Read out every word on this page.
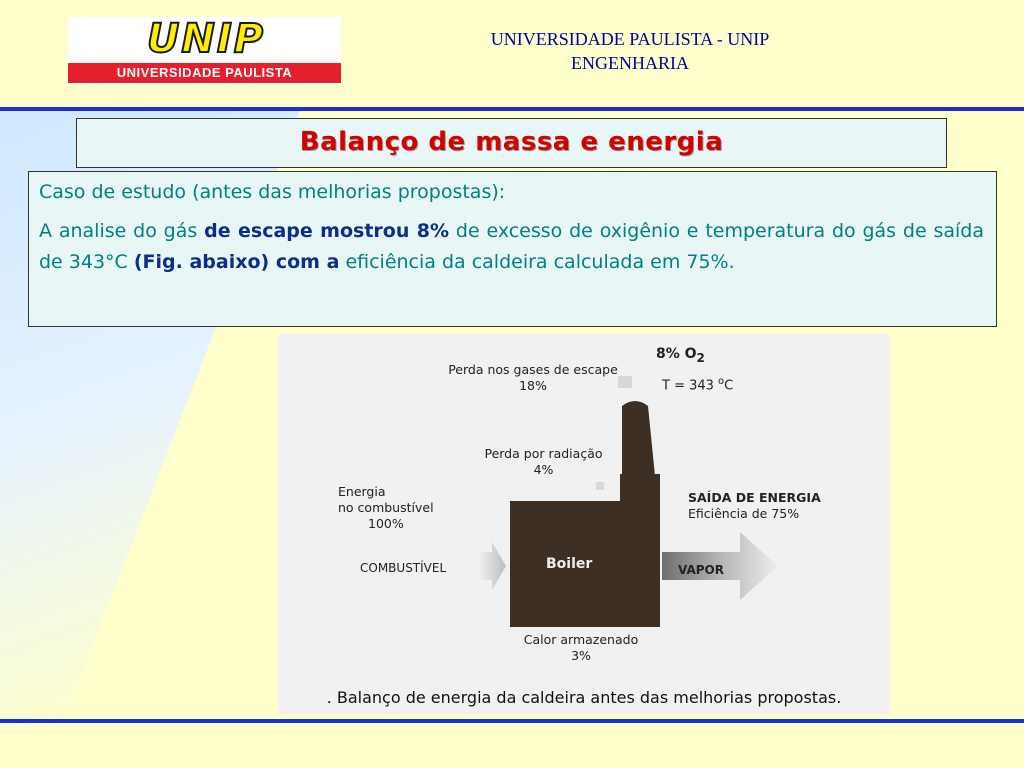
UNIP
UNIVERSIDADE PAULISTA
UNIVERSIDADE PAULISTA - UNIP
ENGENHARIA
Balanço de massa e energia

Caso de estudo (antes das melhorias propostas):

A analise do gás de escape mostrou 8% de excesso de oxigênio e temperatura do gás de saída de 343°C (Fig. abaixo) com a eficiência da caldeira calculada em 75%.

8% $O_2$
T = 343 $^o$C
Perda nos gases de escape
18%
Perda por radiação
4%
Energia
no combustível
100%
COMBUSTÍVEL	Boiler
SAÍDA DE ENERGIA
Eficiência de 75%
VAPOR
Calor armazenado
3%
. Balanço de energia da caldeira antes das melhorias propostas.
